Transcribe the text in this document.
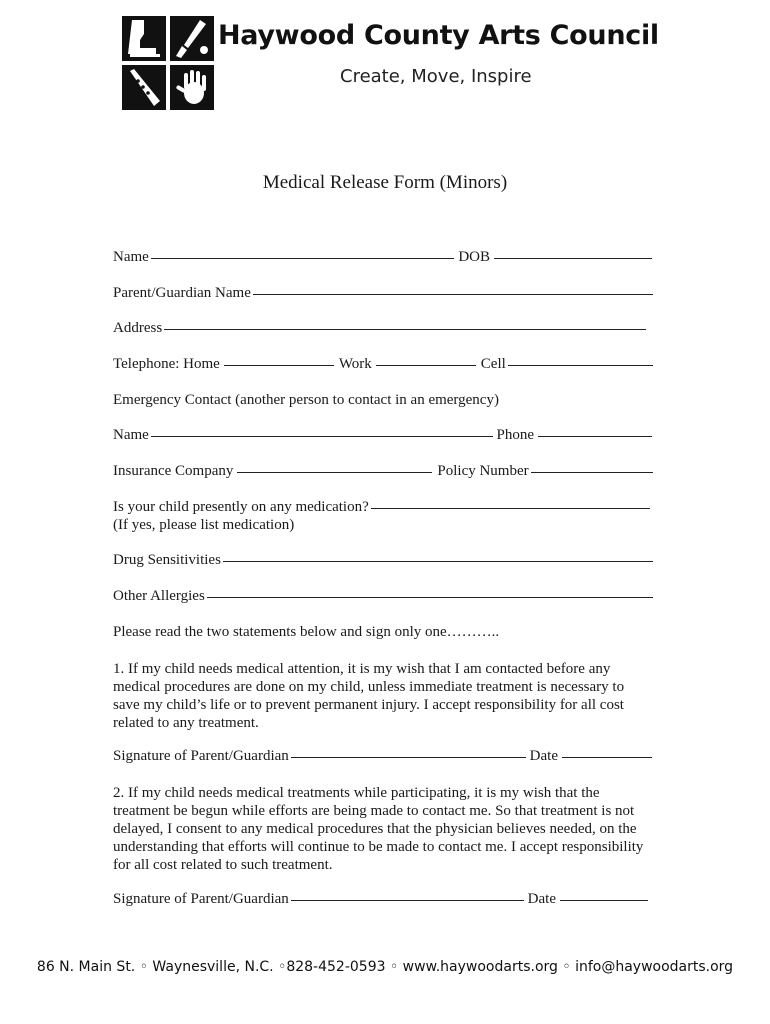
Haywood County Arts Council
Create, Move, Inspire
Medical Release Form (Minors)
Name	DOB
Parent/Guardian Name
Address
Telephone: Home	Work	Cell
Emergency Contact (another person to contact in an emergency)
Name	Phone
Insurance Company	Policy Number
Is your child presently on any medication?
(If yes, please list medication)
Drug Sensitivities
Other Allergies
Please read the two statements below and sign only one………..
1. If my child needs medical attention, it is my wish that I am contacted before any
medical procedures are done on my child, unless immediate treatment is necessary to
save my child’s life or to prevent permanent injury. I accept responsibility for all cost
related to any treatment.
Signature of Parent/Guardian	Date
2. If my child needs medical treatments while participating, it is my wish that the
treatment be begun while efforts are being made to contact me. So that treatment is not
delayed, I consent to any medical procedures that the physician believes needed, on the
understanding that efforts will continue to be made to contact me. I accept responsibility
for all cost related to such treatment.
Signature of Parent/Guardian	Date
86 N. Main St. ◦ Waynesville, N.C. ◦828-452-0593 ◦ www.haywoodarts.org ◦ info@haywoodarts.org
